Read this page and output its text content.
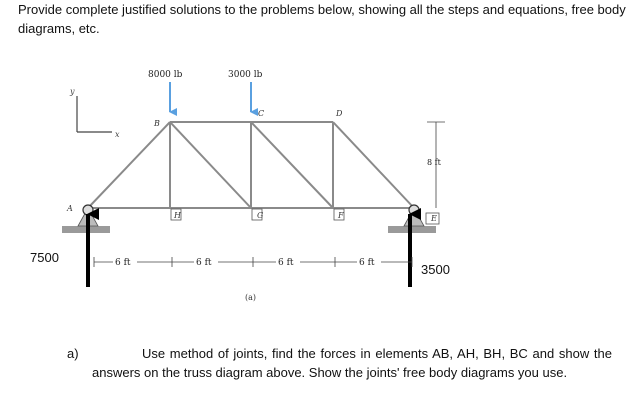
Provide complete justified solutions to the problems below, showing all the steps and equations, free body diagrams, etc.

y
x
A
B
C	D
E
F
G
H
8000 lb	3000 lb
8 ft
7500
3500
6 ft	6 ft	6 ft	6 ft
(a)

a)	Use method of joints, find the forces in elements AB, AH, BH, BC and show the answers on the truss diagram above. Show the joints' free body diagrams you use.
